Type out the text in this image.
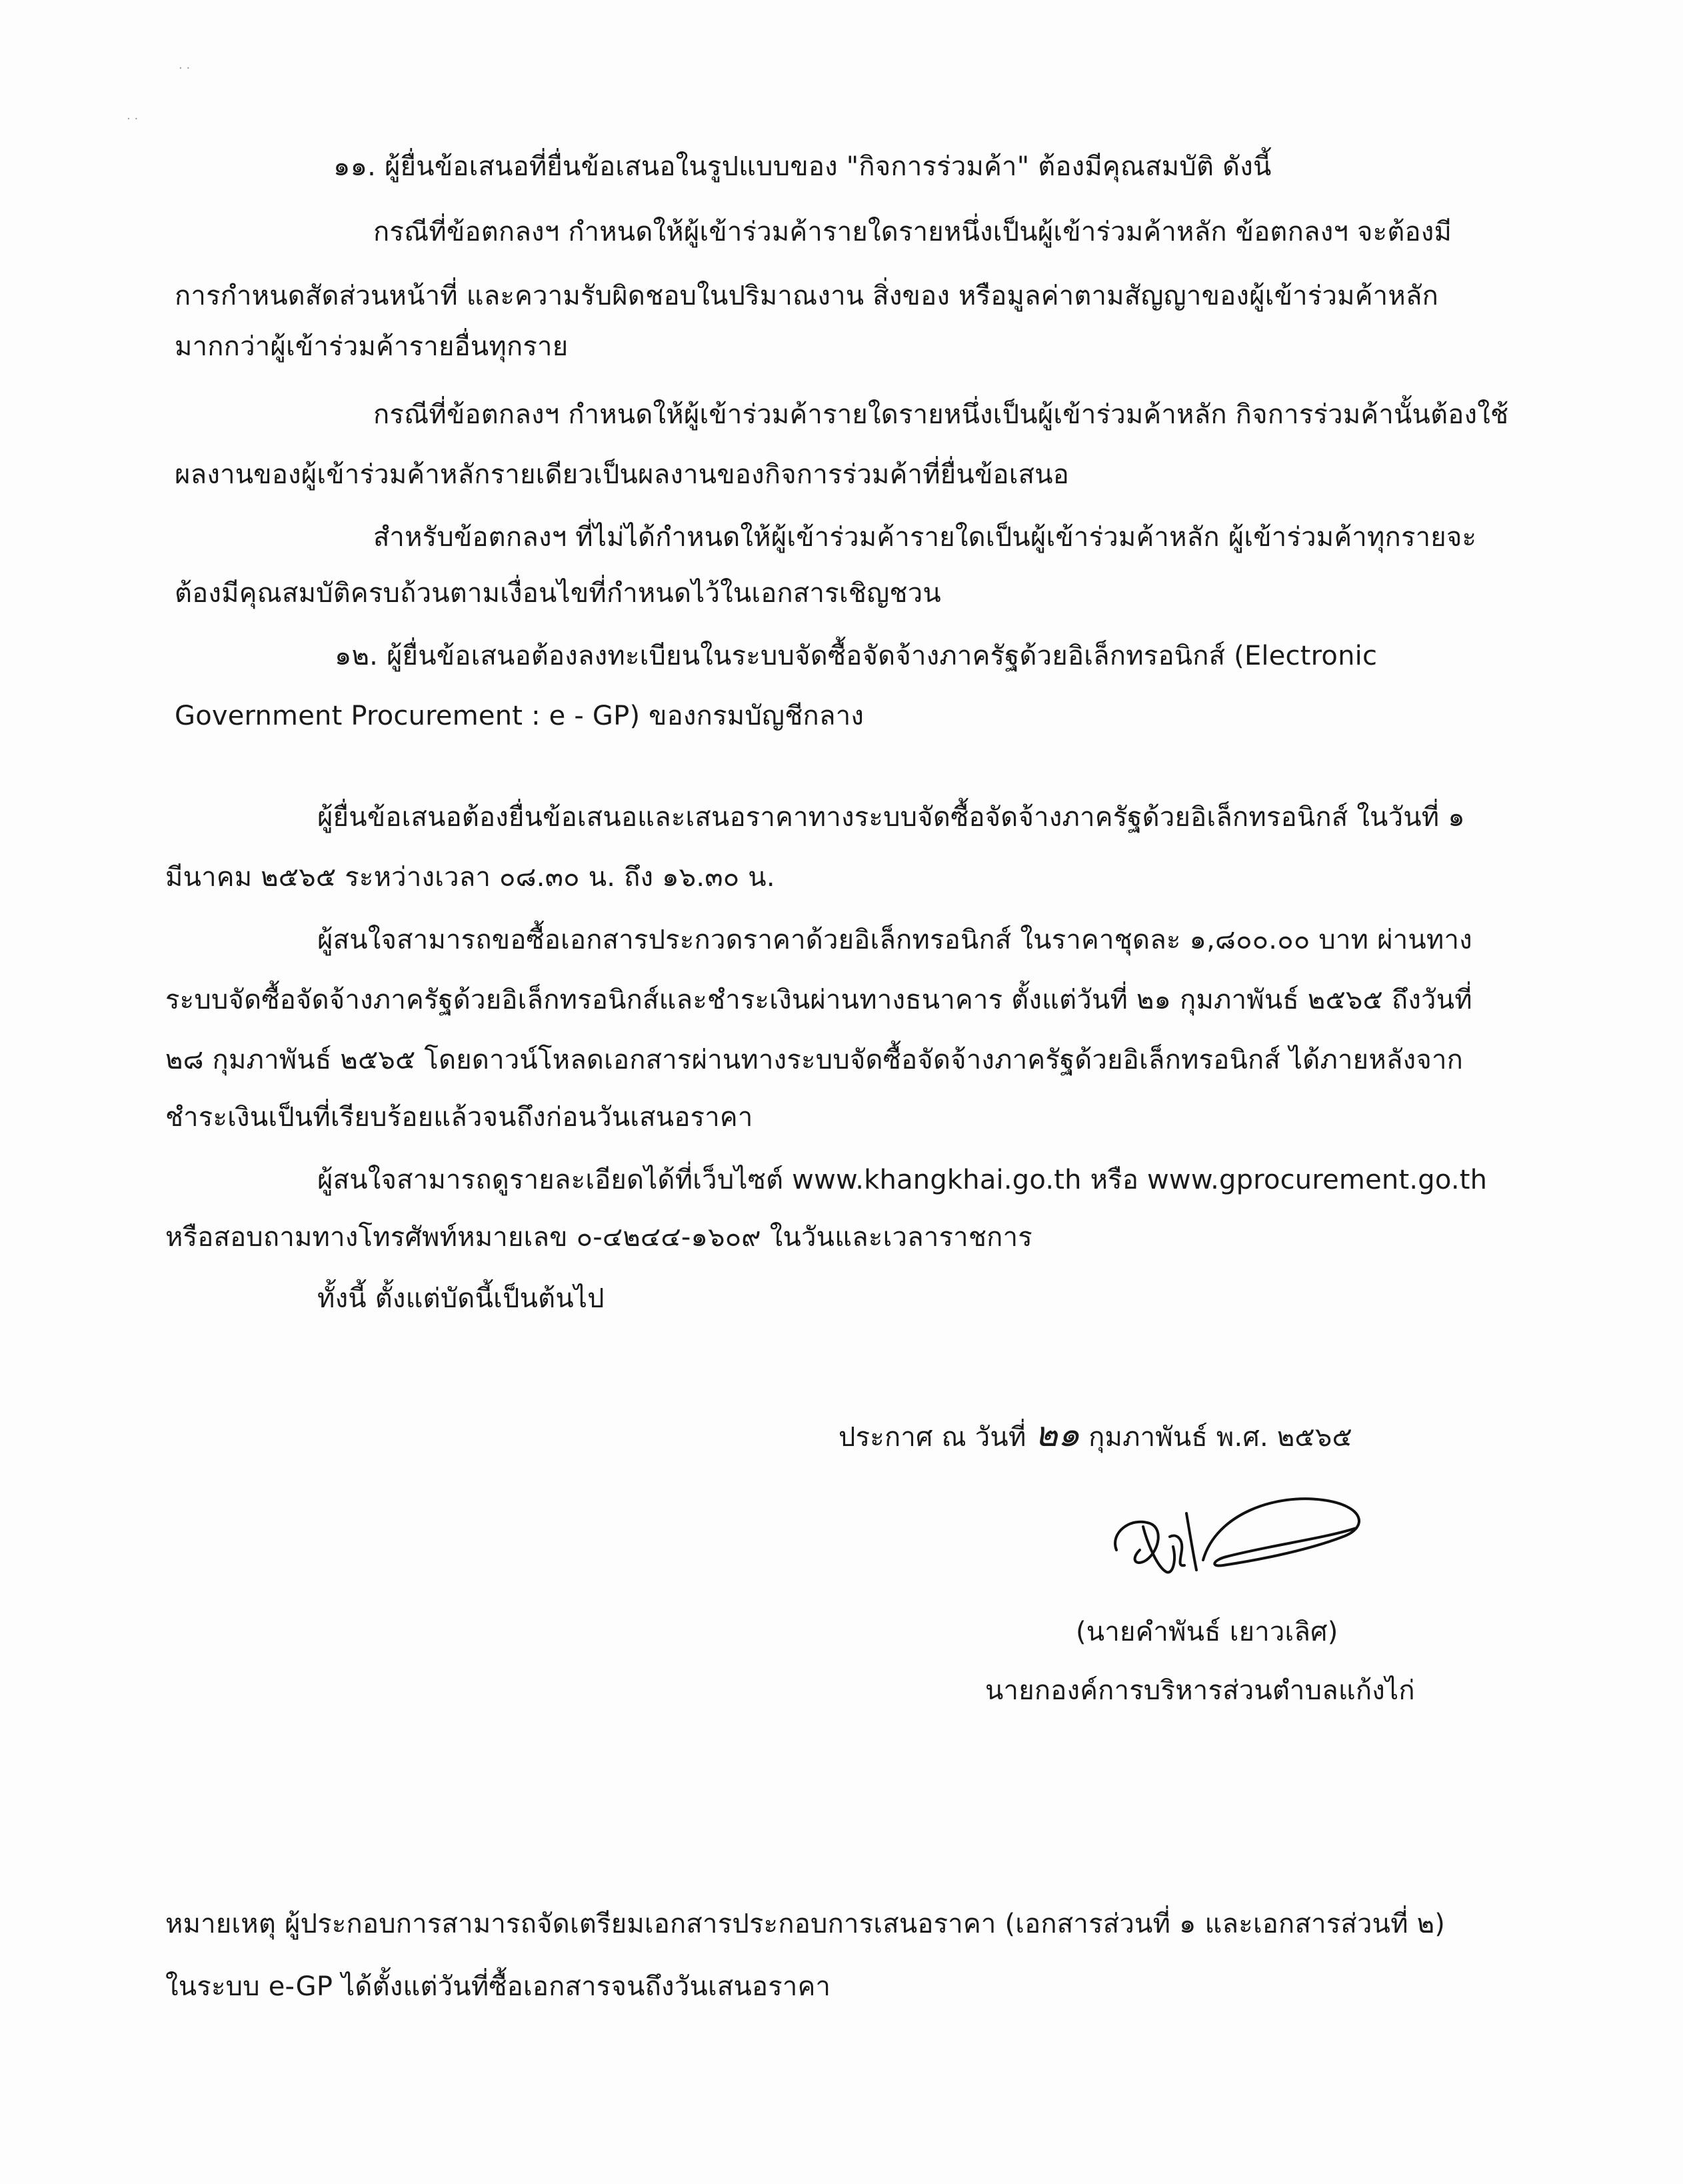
· ·
· ·
๑๑. ผู้ยื่นข้อเสนอที่ยื่นข้อเสนอในรูปแบบของ "กิจการร่วมค้า" ต้องมีคุณสมบัติ ดังนี้
กรณีที่ข้อตกลงฯ กำหนดให้ผู้เข้าร่วมค้ารายใดรายหนึ่งเป็นผู้เข้าร่วมค้าหลัก ข้อตกลงฯ จะต้องมี
การกำหนดสัดส่วนหน้าที่ และความรับผิดชอบในปริมาณงาน สิ่งของ หรือมูลค่าตามสัญญาของผู้เข้าร่วมค้าหลัก
มากกว่าผู้เข้าร่วมค้ารายอื่นทุกราย
กรณีที่ข้อตกลงฯ กำหนดให้ผู้เข้าร่วมค้ารายใดรายหนึ่งเป็นผู้เข้าร่วมค้าหลัก กิจการร่วมค้านั้นต้องใช้
ผลงานของผู้เข้าร่วมค้าหลักรายเดียวเป็นผลงานของกิจการร่วมค้าที่ยื่นข้อเสนอ
สำหรับข้อตกลงฯ ที่ไม่ได้กำหนดให้ผู้เข้าร่วมค้ารายใดเป็นผู้เข้าร่วมค้าหลัก ผู้เข้าร่วมค้าทุกรายจะ
ต้องมีคุณสมบัติครบถ้วนตามเงื่อนไขที่กำหนดไว้ในเอกสารเชิญชวน
๑๒. ผู้ยื่นข้อเสนอต้องลงทะเบียนในระบบจัดซื้อจัดจ้างภาครัฐด้วยอิเล็กทรอนิกส์ (Electronic
Government Procurement : e - GP) ของกรมบัญชีกลาง
ผู้ยื่นข้อเสนอต้องยื่นข้อเสนอและเสนอราคาทางระบบจัดซื้อจัดจ้างภาครัฐด้วยอิเล็กทรอนิกส์ ในวันที่ ๑
มีนาคม ๒๕๖๕ ระหว่างเวลา ๐๘.๓๐ น. ถึง ๑๖.๓๐ น.
ผู้สนใจสามารถขอซื้อเอกสารประกวดราคาด้วยอิเล็กทรอนิกส์ ในราคาชุดละ ๑,๘๐๐.๐๐ บาท ผ่านทาง
ระบบจัดซื้อจัดจ้างภาครัฐด้วยอิเล็กทรอนิกส์และชำระเงินผ่านทางธนาคาร ตั้งแต่วันที่ ๒๑ กุมภาพันธ์ ๒๕๖๕ ถึงวันที่
๒๘ กุมภาพันธ์ ๒๕๖๕ โดยดาวน์โหลดเอกสารผ่านทางระบบจัดซื้อจัดจ้างภาครัฐด้วยอิเล็กทรอนิกส์ ได้ภายหลังจาก
ชำระเงินเป็นที่เรียบร้อยแล้วจนถึงก่อนวันเสนอราคา
ผู้สนใจสามารถดูรายละเอียดได้ที่เว็บไซต์ www.khangkhai.go.th หรือ www.gprocurement.go.th
หรือสอบถามทางโทรศัพท์หมายเลข ๐-๔๒๔๔-๑๖๐๙ ในวันและเวลาราชการ
ทั้งนี้ ตั้งแต่บัดนี้เป็นต้นไป
ประกาศ ณ วันที่ ๒๑ กุมภาพันธ์ พ.ศ. ๒๕๖๕
(นายคำพันธ์ เยาวเลิศ)
นายกองค์การบริหารส่วนตำบลแก้งไก่
หมายเหตุ ผู้ประกอบการสามารถจัดเตรียมเอกสารประกอบการเสนอราคา (เอกสารส่วนที่ ๑ และเอกสารส่วนที่ ๒)
ในระบบ e-GP ได้ตั้งแต่วันที่ซื้อเอกสารจนถึงวันเสนอราคา
